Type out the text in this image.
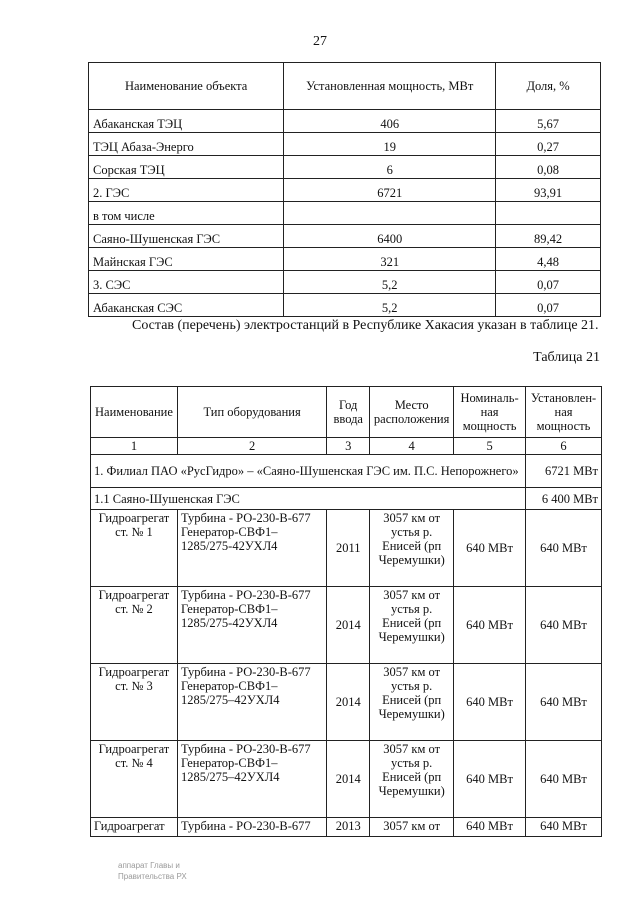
27
Наименование объекта	Установленная мощность, МВт	Доля, %
Абаканская ТЭЦ	406	5,67
ТЭЦ Абаза-Энерго	19	0,27
Сорская ТЭЦ	6	0,08
2. ГЭС	6721	93,91
в том числе		
Саяно-Шушенская ГЭС	6400	89,42
Майнская ГЭС	321	4,48
3. СЭС	5,2	0,07
Абаканская СЭС	5,2	0,07
Состав (перечень) электростанций в Республике Хакасия указан в таблице 21.
Таблица 21
Наименование	Тип оборудования	Год ввода	Место расположения	Номиналь-ная мощность	Установлен-ная мощность
1	2	3	4	5	6
1. Филиал ПАО «РусГидро» – «Саяно-Шушенская ГЭС им. П.С. Непорожнего»					6721 МВт
1.1 Саяно-Шушенская ГЭС					6 400 МВт
Гидроагрегат ст. № 1	Турбина - РО-230-В-677 Генератор-СВФ1–1285/275-42УХЛ4	2011	3057 км от устья р. Енисей (рп Черемушки)	640 МВт	640 МВт
Гидроагрегат ст. № 2	Турбина - РО-230-В-677 Генератор-СВФ1–1285/275-42УХЛ4	2014	3057 км от устья р. Енисей (рп Черемушки)	640 МВт	640 МВт
Гидроагрегат ст. № 3	Турбина - РО-230-В-677 Генератор-СВФ1–1285/275–42УХЛ4	2014	3057 км от устья р. Енисей (рп Черемушки)	640 МВт	640 МВт
Гидроагрегат ст. № 4	Турбина - РО-230-В-677 Генератор-СВФ1–1285/275–42УХЛ4	2014	3057 км от устья р. Енисей (рп Черемушки)	640 МВт	640 МВт
Гидроагрегат	Турбина - РО-230-В-677	2013	3057 км от	640 МВт	640 МВт
аппарат Главы и Правительства РХ
